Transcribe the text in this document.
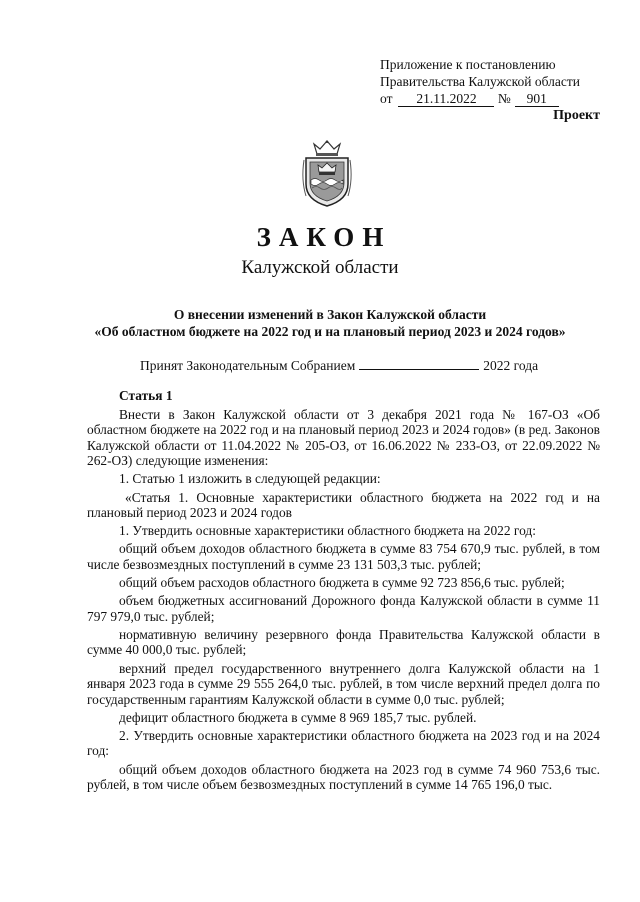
Приложение к постановлению
Правительства Калужской области
от 21.11.2022 № 901
Проект
ЗАКОН
Калужской области
О внесении изменений в Закон Калужской области
«Об областном бюджете на 2022 год и на плановый период 2023 и 2024 годов»
Принят Законодательным Собранием	2022 года

Статья 1

Внести в Закон Калужской области от 3 декабря 2021 года № 167-ОЗ «Об областном бюджете на 2022 год и на плановый период 2023 и 2024 годов» (в ред. Законов Калужской области от 11.04.2022 № 205-ОЗ, от 16.06.2022 № 233-ОЗ, от 22.09.2022 № 262-ОЗ) следующие изменения:

1. Статью 1 изложить в следующей редакции:

«Статья 1. Основные характеристики областного бюджета на 2022 год и на плановый период 2023 и 2024 годов

1. Утвердить основные характеристики областного бюджета на 2022 год:

общий объем доходов областного бюджета в сумме 83 754 670,9 тыс. рублей, в том числе безвозмездных поступлений в сумме 23 131 503,3 тыс. рублей;

общий объем расходов областного бюджета в сумме 92 723 856,6 тыс. рублей;

объем бюджетных ассигнований Дорожного фонда Калужской области в сумме 11 797 979,0 тыс. рублей;

нормативную величину резервного фонда Правительства Калужской области в сумме 40 000,0 тыс. рублей;

верхний предел государственного внутреннего долга Калужской области на 1 января 2023 года в сумме 29 555 264,0 тыс. рублей, в том числе верхний предел долга по государственным гарантиям Калужской области в сумме 0,0 тыс. рублей;

дефицит областного бюджета в сумме 8 969 185,7 тыс. рублей.

2. Утвердить основные характеристики областного бюджета на 2023 год и на 2024 год:

общий объем доходов областного бюджета на 2023 год в сумме 74 960 753,6 тыс. рублей, в том числе объем безвозмездных поступлений в сумме 14 765 196,0 тыс.
